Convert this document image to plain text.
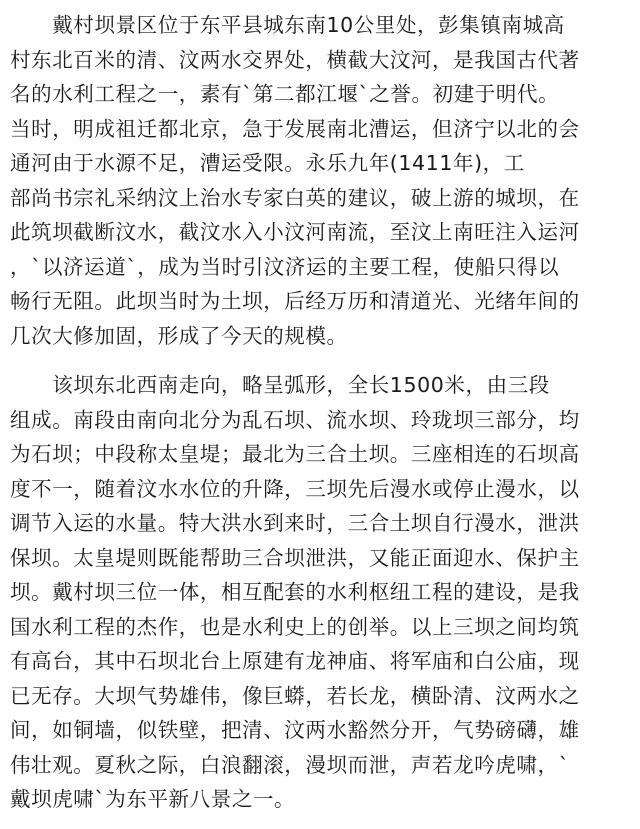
　　戴村坝景区位于东平县城东南10公里处，彭集镇南城高
村东北百米的清、汶两水交界处，横截大汶河，是我国古代著
名的水利工程之一，素有`第二都江堰`之誉。初建于明代。
当时，明成祖迁都北京，急于发展南北漕运，但济宁以北的会
通河由于水源不足，漕运受限。永乐九年(1411年)，工
部尚书宗礼采纳汶上治水专家白英的建议，破上游的城坝，在
此筑坝截断汶水，截汶水入小汶河南流，至汶上南旺注入运河
，`以济运道`，成为当时引汶济运的主要工程，使船只得以
畅行无阻。此坝当时为土坝，后经万历和清道光、光绪年间的
几次大修加固，形成了今天的规模。
　　该坝东北西南走向，略呈弧形，全长1500米，由三段
组成。南段由南向北分为乱石坝、流水坝、玲珑坝三部分，均
为石坝；中段称太皇堤；最北为三合土坝。三座相连的石坝高
度不一，随着汶水水位的升降，三坝先后漫水或停止漫水，以
调节入运的水量。特大洪水到来时，三合土坝自行漫水，泄洪
保坝。太皇堤则既能帮助三合坝泄洪，又能正面迎水、保护主
坝。戴村坝三位一体，相互配套的水利枢纽工程的建设，是我
国水利工程的杰作，也是水利史上的创举。以上三坝之间均筑
有高台，其中石坝北台上原建有龙神庙、将军庙和白公庙，现
已无存。大坝气势雄伟，像巨蟒，若长龙，横卧清、汶两水之
间，如铜墙，似铁壁，把清、汶两水豁然分开，气势磅礴，雄
伟壮观。夏秋之际，白浪翻滚，漫坝而泄，声若龙吟虎啸，`
戴坝虎啸`为东平新八景之一。
